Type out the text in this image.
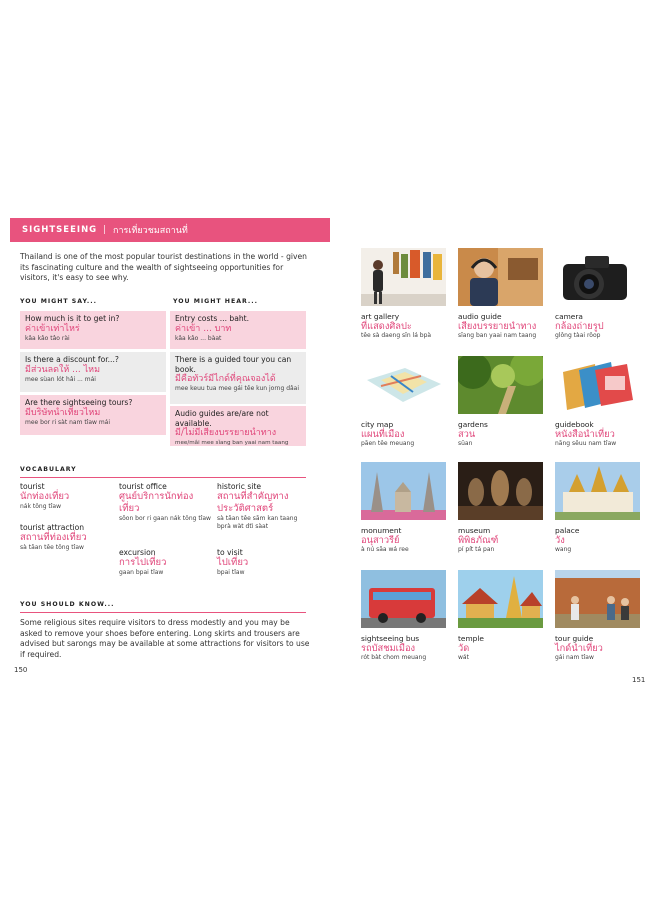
SIGHTSEEING | การเที่ยวชมสถานที่
Thailand is one of the most popular tourist destinations in the world - given its fascinating culture and the wealth of sightseeing opportunities for visitors, it's easy to see why.
YOU MIGHT SAY...
How much is it to get in?
ค่าเข้าเท่าไหร่
kâa kâo tâo rài
Is there a discount for...?
มีส่วนลดให้ ... ไหม
mee sùan lót hâi ... mái
Are there sightseeing tours?
มีบริษัทนำเที่ยวไหม
mee bor ri sàt nam tîaw mái
YOU MIGHT HEAR...
Entry costs ... baht.
ค่าเข้า ... บาท
kâa kâo ... bàat
There is a guided tour you can book.
มีคือทัวร์มีไกด์ที่คุณจองได้
mee keuu tua mee gái têe kun jorng dâai
Audio guides are/are not available.
มี/ไม่มีเสียงบรรยายนำทาง
mee/mâi mee sĭang ban yaai nam taang
VOCABULARY
tourist
นักท่องเที่ยว
nák tông tîaw
tourist attraction
สถานที่ท่องเที่ยว
sà tăan têe tông tîaw
tourist office
ศูนย์บริการนักท่องเที่ยว
sŏon bor ri gaan nák tông tîaw
excursion
การไปเที่ยว
gaan bpai tîaw
historic site
สถานที่สำคัญทางประวัติศาสตร์
sà tăan têe săm kan taang bprà wàt dtì sàat
to visit
ไปเที่ยว
bpai tîaw
YOU SHOULD KNOW...
Some religious sites require visitors to dress modestly and you may be asked to remove your shoes before entering. Long skirts and trousers are advised but sarongs may be available at some attractions for visitors to use if required.
150
art gallery
ที่แสดงศิลปะ
têe sà daeng sĭn lá bpà
audio guide
เสียงบรรยายนำทาง
sĭang ban yaai nam taang
camera
กล้องถ่ายรูป
glông tàai rôop
city map
แผนที่เมือง
păen têe meuang
gardens
สวน
sŭan
guidebook
หนังสือนำเที่ยว
năng sĕuu nam tîaw
monument
อนุสาวรีย์
à nú săa wá ree
museum
พิพิธภัณฑ์
pí pít tá pan
palace
วัง
wang
sightseeing bus
รถบัสชมเมือง
rót bàt chom meuang
temple
วัด
wát
tour guide
ไกด์นำเที่ยว
gái nam tîaw
151
